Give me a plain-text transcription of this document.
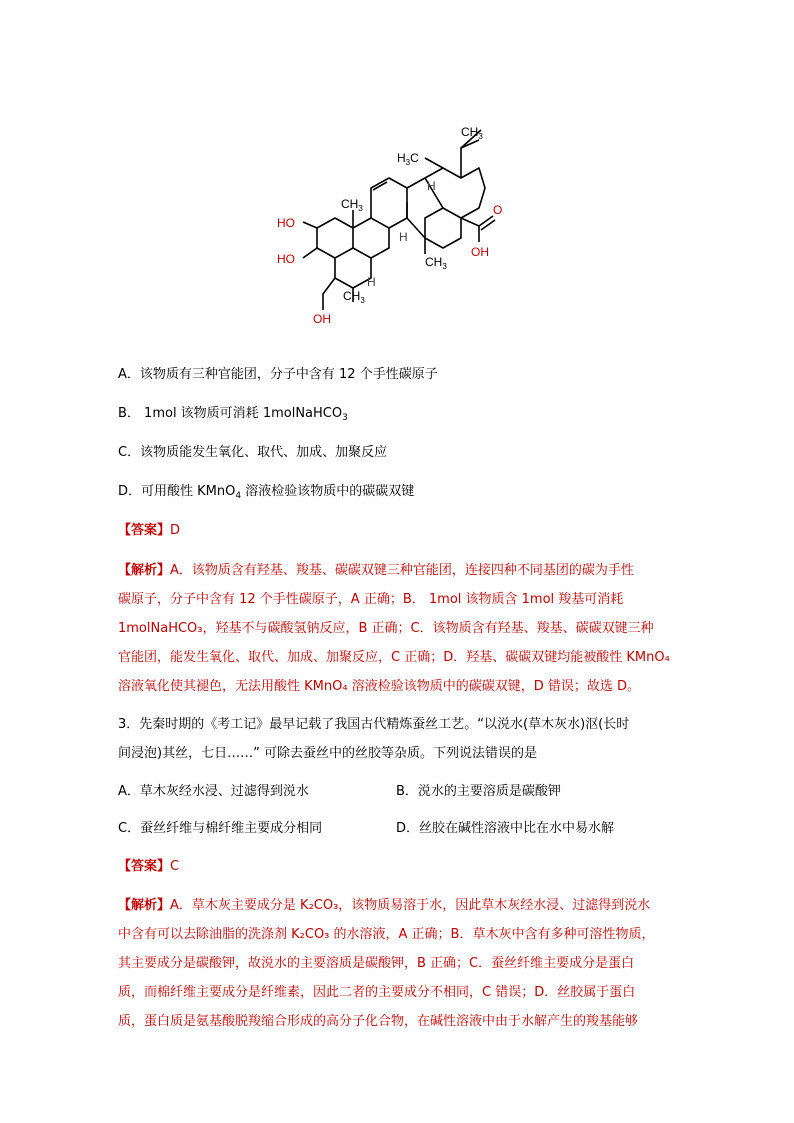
$CH_3$
$H_3C$
H
H
HO
HO
OH
O
OH
$CH_3$
$CH_3$
$CH_3$
H
A．该物质有三种官能团，分子中含有 12 个手性碳原子
B． 1mol 该物质可消耗 1molNaHCO$_3$
C．该物质能发生氧化、取代、加成、加聚反应
D．可用酸性 KMnO$_4$ 溶液检验该物质中的碳碳双键
【答案】D
【解析】A．该物质含有羟基、羧基、碳碳双键三种官能团，连接四种不同基团的碳为手性
碳原子，分子中含有 12 个手性碳原子，A 正确；B． 1mol 该物质含 1mol 羧基可消耗
1molNaHCO₃，羟基不与碳酸氢钠反应，B 正确；C．该物质含有羟基、羧基、碳碳双键三种
官能团，能发生氧化、取代、加成、加聚反应，C 正确；D．羟基、碳碳双键均能被酸性 KMnO₄
溶液氧化使其褪色，无法用酸性 KMnO₄ 溶液检验该物质中的碳碳双键，D 错误；故选 D。
3．先秦时期的《考工记》最早记载了我国古代精炼蚕丝工艺。“以涚水(草木灰水)沤(长时
间浸泡)其丝，七日……” 可除去蚕丝中的丝胶等杂质。下列说法错误的是
A．草木灰经水浸、过滤得到涚水	B．涚水的主要溶质是碳酸钾
C．蚕丝纤维与棉纤维主要成分相同	D．丝胶在碱性溶液中比在水中易水解
【答案】C
【解析】A．草木灰主要成分是 K₂CO₃，该物质易溶于水，因此草木灰经水浸、过滤得到涚水
中含有可以去除油脂的洗涤剂 K₂CO₃ 的水溶液，A 正确；B．草木灰中含有多种可溶性物质，
其主要成分是碳酸钾，故涚水的主要溶质是碳酸钾，B 正确；C．蚕丝纤维主要成分是蛋白
质，而棉纤维主要成分是纤维素，因此二者的主要成分不相同，C 错误；D．丝胶属于蛋白
质，蛋白质是氨基酸脱羧缩合形成的高分子化合物，在碱性溶液中由于水解产生的羧基能够
